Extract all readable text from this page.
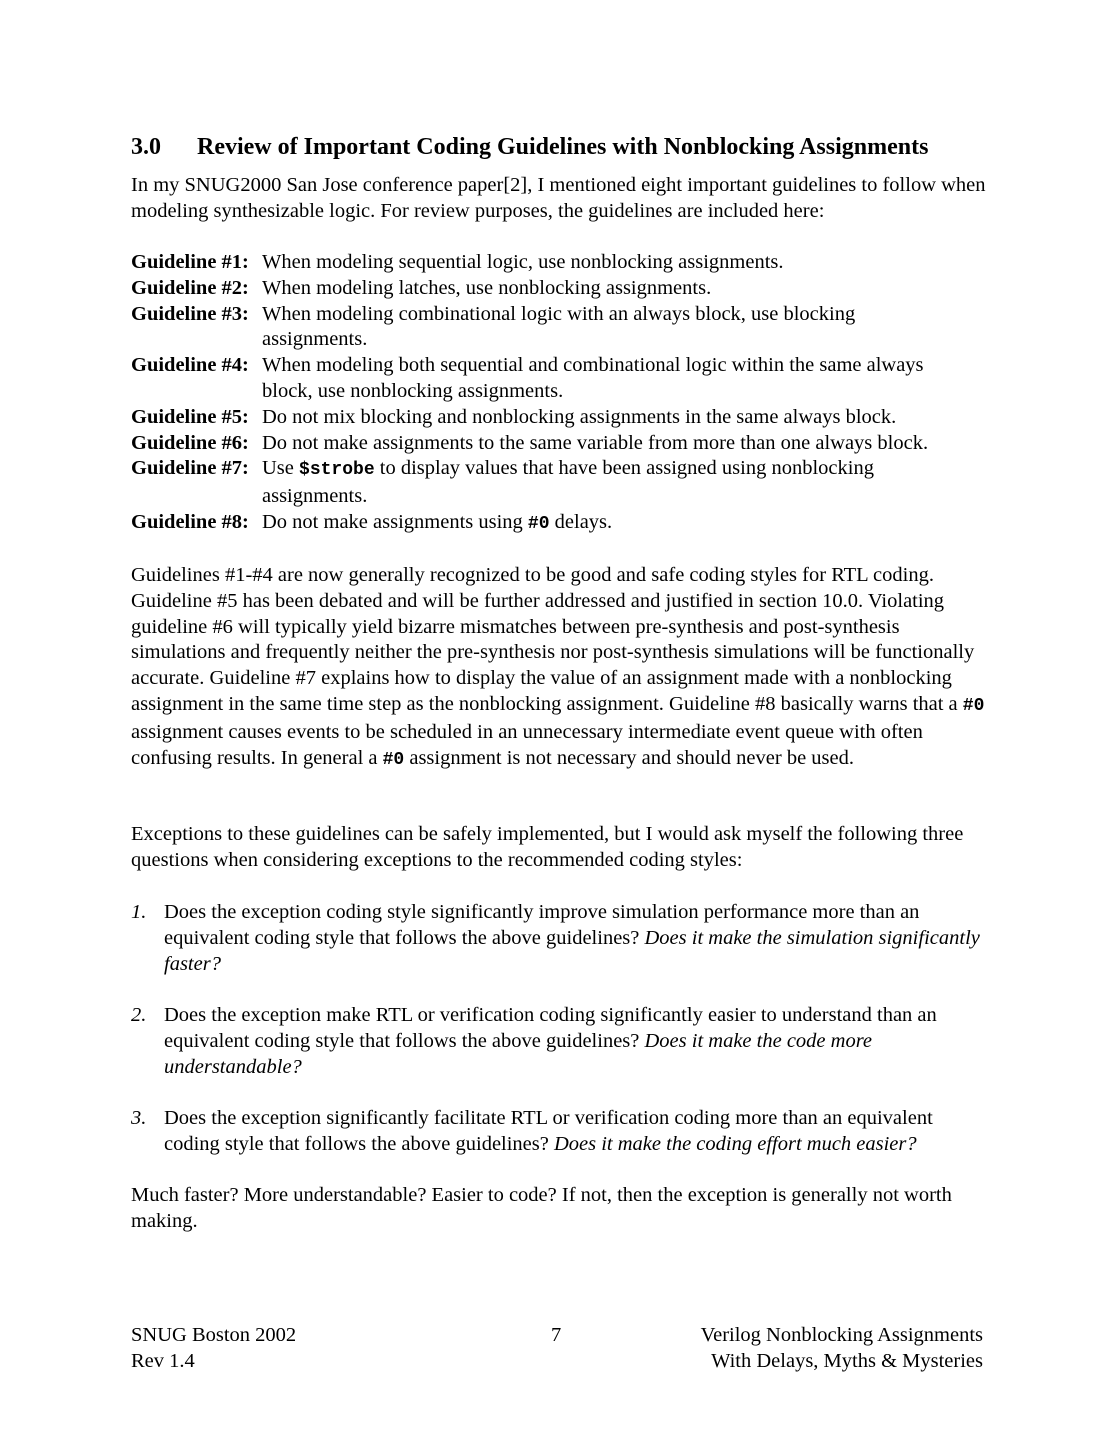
3.0 Review of Important Coding Guidelines with Nonblocking Assignments
In my SNUG2000 San Jose conference paper[2], I mentioned eight important guidelines to follow when modeling synthesizable logic. For review purposes, the guidelines are included here:
Guideline #1: When modeling sequential logic, use nonblocking assignments.
Guideline #2: When modeling latches, use nonblocking assignments.
Guideline #3: When modeling combinational logic with an always block, use blocking assignments.
Guideline #4: When modeling both sequential and combinational logic within the same always block, use nonblocking assignments.
Guideline #5: Do not mix blocking and nonblocking assignments in the same always block.
Guideline #6: Do not make assignments to the same variable from more than one always block.
Guideline #7: Use $strobe to display values that have been assigned using nonblocking assignments.
Guideline #8: Do not make assignments using #0 delays.
Guidelines #1-#4 are now generally recognized to be good and safe coding styles for RTL coding. Guideline #5 has been debated and will be further addressed and justified in section 10.0. Violating guideline #6 will typically yield bizarre mismatches between pre-synthesis and post-synthesis simulations and frequently neither the pre-synthesis nor post-synthesis simulations will be functionally accurate. Guideline #7 explains how to display the value of an assignment made with a nonblocking assignment in the same time step as the nonblocking assignment. Guideline #8 basically warns that a #0 assignment causes events to be scheduled in an unnecessary intermediate event queue with often confusing results. In general a #0 assignment is not necessary and should never be used.
Exceptions to these guidelines can be safely implemented, but I would ask myself the following three questions when considering exceptions to the recommended coding styles:
1. Does the exception coding style significantly improve simulation performance more than an equivalent coding style that follows the above guidelines? Does it make the simulation significantly faster?
2. Does the exception make RTL or verification coding significantly easier to understand than an equivalent coding style that follows the above guidelines? Does it make the code more understandable?
3. Does the exception significantly facilitate RTL or verification coding more than an equivalent coding style that follows the above guidelines? Does it make the coding effort much easier?
Much faster? More understandable? Easier to code? If not, then the exception is generally not worth making.
SNUG Boston 2002
Rev 1.4
7	Verilog Nonblocking Assignments
With Delays, Myths & Mysteries
